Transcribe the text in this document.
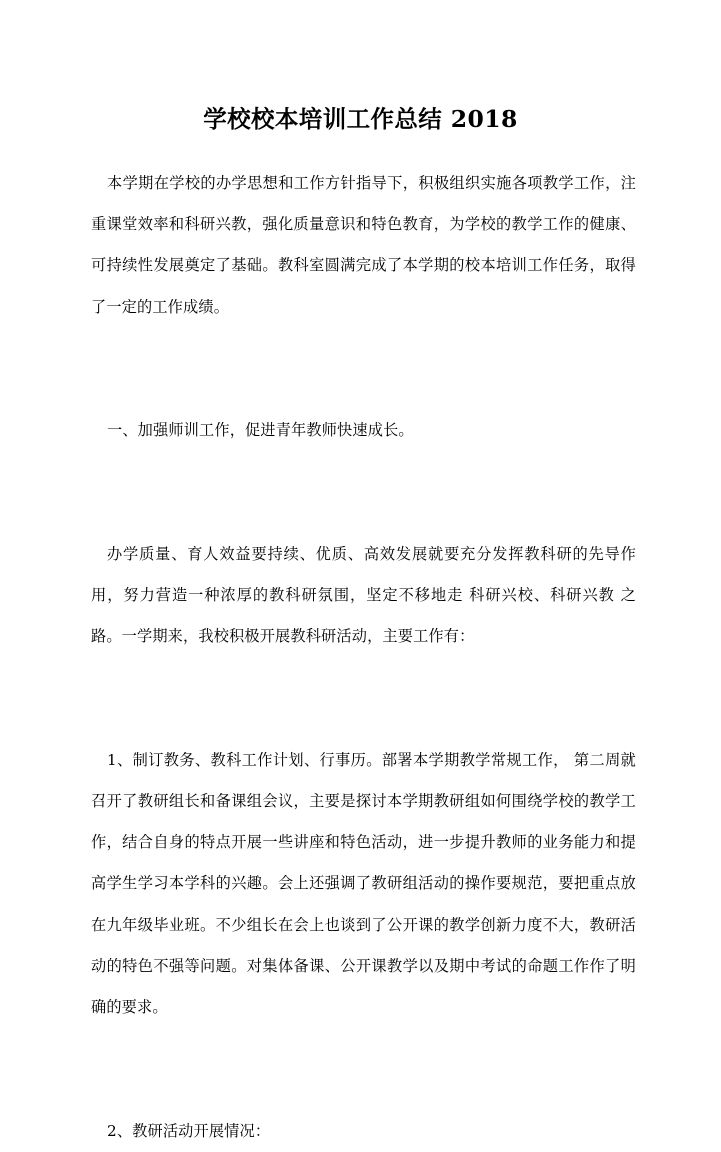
学校校本培训工作总结 2018

本学期在学校的办学思想和工作方针指导下，积极组织实施各项教学工作，注重课堂效率和科研兴教，强化质量意识和特色教育，为学校的教学工作的健康、可持续性发展奠定了基础。教科室圆满完成了本学期的校本培训工作任务，取得了一定的工作成绩。

一、加强师训工作，促进青年教师快速成长。

办学质量、育人效益要持续、优质、高效发展就要充分发挥教科研的先导作用，努力营造一种浓厚的教科研氛围，坚定不移地走 科研兴校、科研兴教 之路。一学期来，我校积极开展教科研活动，主要工作有：

1、制订教务、教科工作计划、行事历。部署本学期教学常规工作， 第二周就召开了教研组长和备课组会议，主要是探讨本学期教研组如何围绕学校的教学工作，结合自身的特点开展一些讲座和特色活动，进一步提升教师的业务能力和提高学生学习本学科的兴趣。会上还强调了教研组活动的操作要规范，要把重点放在九年级毕业班。不少组长在会上也谈到了公开课的教学创新力度不大，教研活动的特色不强等问题。对集体备课、公开课教学以及期中考试的命题工作作了明确的要求。

2、教研活动开展情况：
